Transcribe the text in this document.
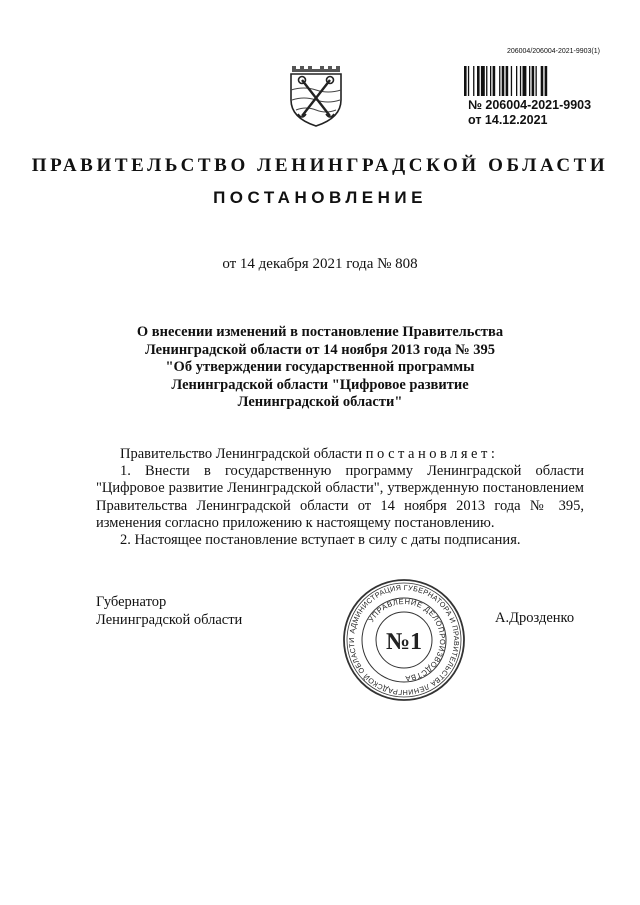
206004/206004-2021-9903(1)
№ 206004-2021-9903
от 14.12.2021
ПРАВИТЕЛЬСТВО ЛЕНИНГРАДСКОЙ ОБЛАСТИ
ПОСТАНОВЛЕНИЕ
от 14 декабря 2021 года № 808
О внесении изменений в постановление Правительства
Ленинградской области от 14 ноября 2013 года № 395
"Об утверждении государственной программы
Ленинградской области "Цифровое развитие
Ленинградской области"

Правительство Ленинградской области постановляет:

1. Внести в государственную программу Ленинградской области "Цифровое развитие Ленинградской области", утвержденную постановлением Правительства Ленинградской области от 14 ноября 2013 года № 395, изменения согласно приложению к настоящему постановлению.

2. Настоящее постановление вступает в силу с даты подписания.

Губернатор
Ленинградской области	А.Дрозденко
АДМИНИСТРАЦИЯ ГУБЕРНАТОРА И ПРАВИТЕЛЬСТВА ЛЕНИНГРАДСКОЙ ОБЛАСТИ
УПРАВЛЕНИЕ ДЕЛОПРОИЗВОДСТВА
№1
